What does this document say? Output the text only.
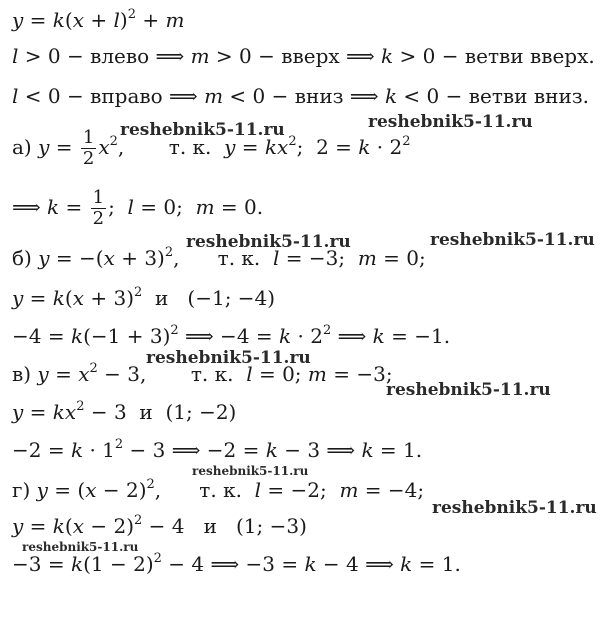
$y = k(x + l)^2 + m$
l > 0 − влево ⟹ m > 0 − вверх ⟹ k > 0 − ветви вверх.
l < 0 − вправо ⟹ m < 0 − вниз ⟹ k < 0 − ветви вниз.
а) $y = \frac{1}{2} x^2$,       т. к.  $y = kx^2$;  $2 = k \cdot 2^2$
⟹ $k = \frac{1}{2}$ ;  l = 0;  m = 0.
б) $y = -(x + 3)^2$,      т. к.  l = −3;  m = 0;
$y = k(x + 3)^2$  и   (−1; −4)
$-4 = k(-1 + 3)^2$ ⟹ $-4 = k \cdot 2^2$ ⟹ k = −1.
в) $y = x^2 - 3$,       т. к.  l = 0; m = −3;
$y = kx^2 - 3$  и  (1; −2)
$-2 = k \cdot 1^2 - 3$ ⟹ −2 = k − 3 ⟹ k = 1.
г) $y = (x - 2)^2$,      т. к.  l = −2;  m = −4;
$y = k(x - 2)^2 - 4$   и   (1; −3)
$-3 = k(1 - 2)^2 - 4$ ⟹ −3 = k − 4 ⟹ k = 1.
reshebnik5-11.ru	reshebnik5-11.ru
reshebnik5-11.ru	reshebnik5-11.ru
reshebnik5-11.ru
reshebnik5-11.ru
reshebnik5-11.ru
reshebnik5-11.ru
reshebnik5-11.ru
